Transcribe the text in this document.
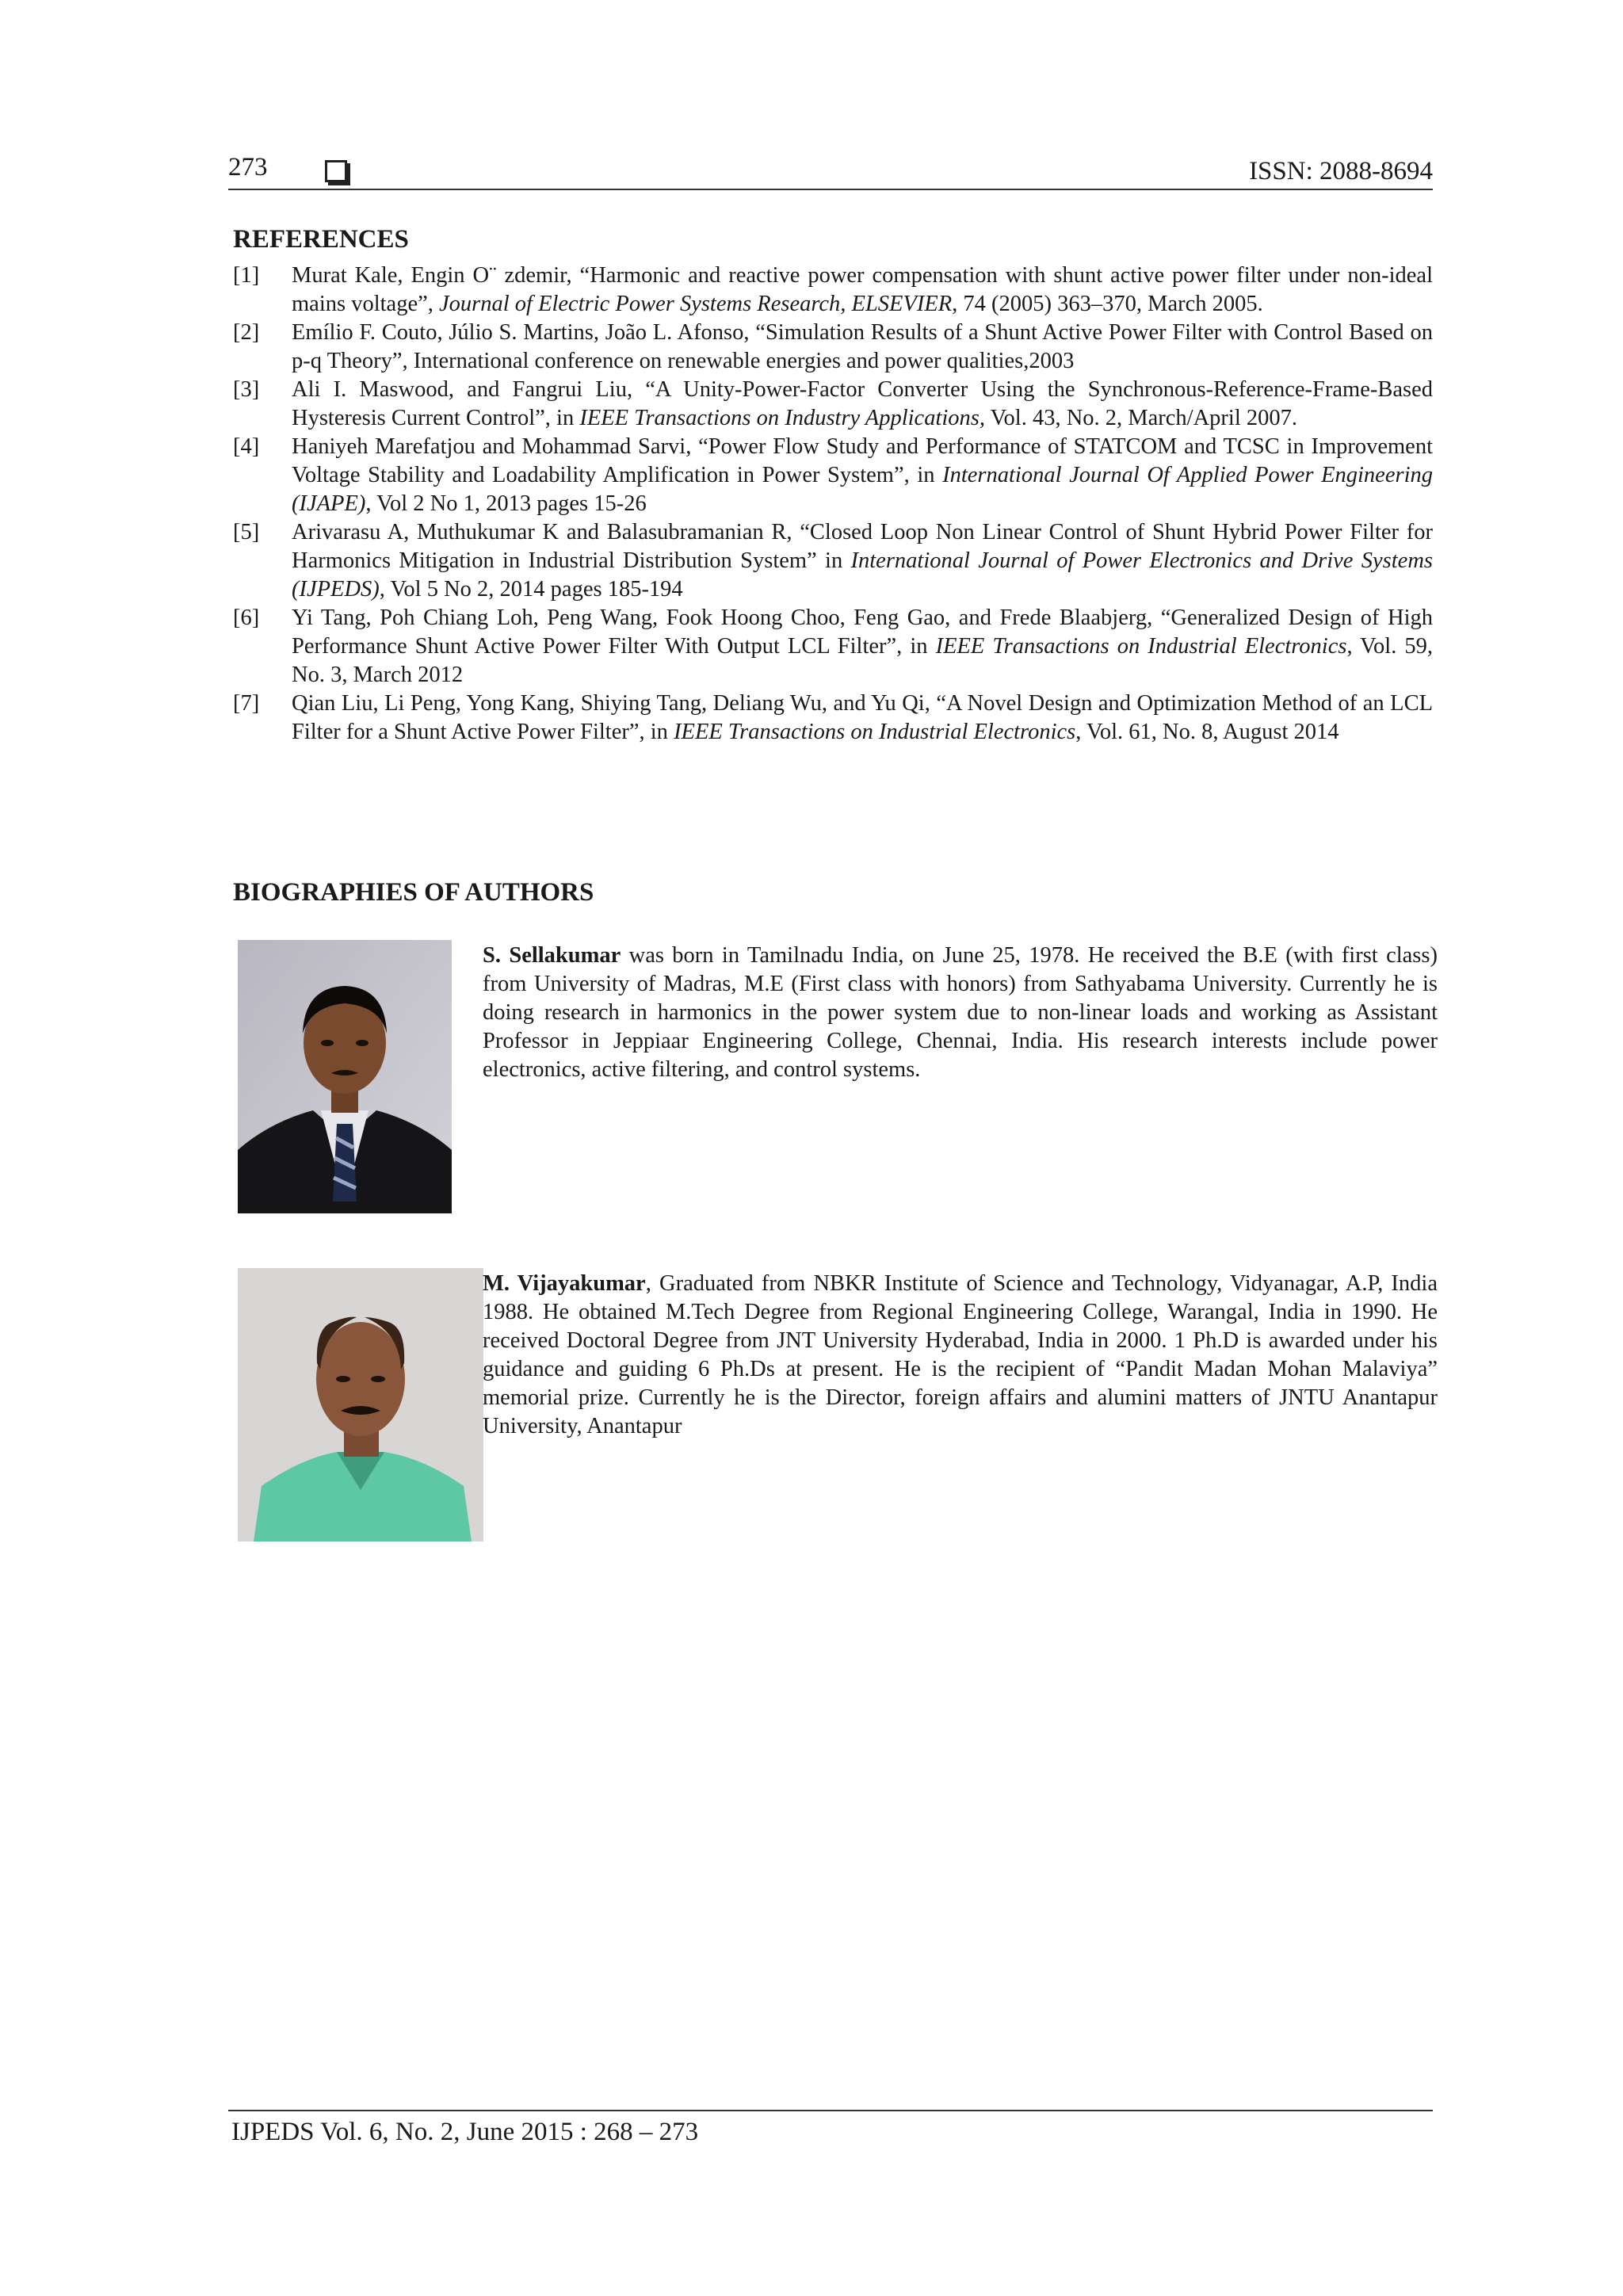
273	ISSN: 2088-8694
REFERENCES
[1]	Murat Kale, Engin O¨ zdemir, “Harmonic and reactive power compensation with shunt active power filter under non-ideal mains voltage”, Journal of Electric Power Systems Research, ELSEVIER, 74 (2005) 363–370, March 2005.
[2]	Emílio F. Couto, Júlio S. Martins, João L. Afonso, “Simulation Results of a Shunt Active Power Filter with Control Based on p-q Theory”, International conference on renewable energies and power qualities,2003
[3]	Ali I. Maswood, and Fangrui Liu, “A Unity-Power-Factor Converter Using the Synchronous-Reference-Frame-Based Hysteresis Current Control”, in IEEE Transactions on Industry Applications, Vol. 43, No. 2, March/April 2007.
[4]	Haniyeh Marefatjou and Mohammad Sarvi, “Power Flow Study and Performance of STATCOM and TCSC in Improvement Voltage Stability and Loadability Amplification in Power System”, in International Journal Of Applied Power Engineering (IJAPE), Vol 2 No 1, 2013 pages 15-26
[5]	Arivarasu A, Muthukumar K and Balasubramanian R, “Closed Loop Non Linear Control of Shunt Hybrid Power Filter for Harmonics Mitigation in Industrial Distribution System” in International Journal of Power Electronics and Drive Systems (IJPEDS), Vol 5 No 2, 2014 pages 185-194
[6]	Yi Tang, Poh Chiang Loh, Peng Wang, Fook Hoong Choo, Feng Gao, and Frede Blaabjerg, “Generalized Design of High Performance Shunt Active Power Filter With Output LCL Filter”, in IEEE Transactions on Industrial Electronics, Vol. 59, No. 3, March 2012
[7]	Qian Liu, Li Peng, Yong Kang, Shiying Tang, Deliang Wu, and Yu Qi, “A Novel Design and Optimization Method of an LCL Filter for a Shunt Active Power Filter”, in IEEE Transactions on Industrial Electronics, Vol. 61, No. 8, August 2014
BIOGRAPHIES OF AUTHORS
S. Sellakumar was born in Tamilnadu India, on June 25, 1978. He received the B.E (with first class) from University of Madras, M.E (First class with honors) from Sathyabama University. Currently he is doing research in harmonics in the power system due to non-linear loads and working as Assistant Professor in Jeppiaar Engineering College, Chennai, India. His research interests include power electronics, active filtering, and control systems.
M. Vijayakumar, Graduated from NBKR Institute of Science and Technology, Vidyanagar, A.P, India 1988. He obtained M.Tech Degree from Regional Engineering College, Warangal, India in 1990. He received Doctoral Degree from JNT University Hyderabad, India in 2000. 1 Ph.D is awarded under his guidance and guiding 6 Ph.Ds at present. He is the recipient of “Pandit Madan Mohan Malaviya” memorial prize. Currently he is the Director, foreign affairs and alumini matters of JNTU Anantapur University, Anantapur
IJPEDS Vol. 6, No. 2, June 2015 : 268 – 273
